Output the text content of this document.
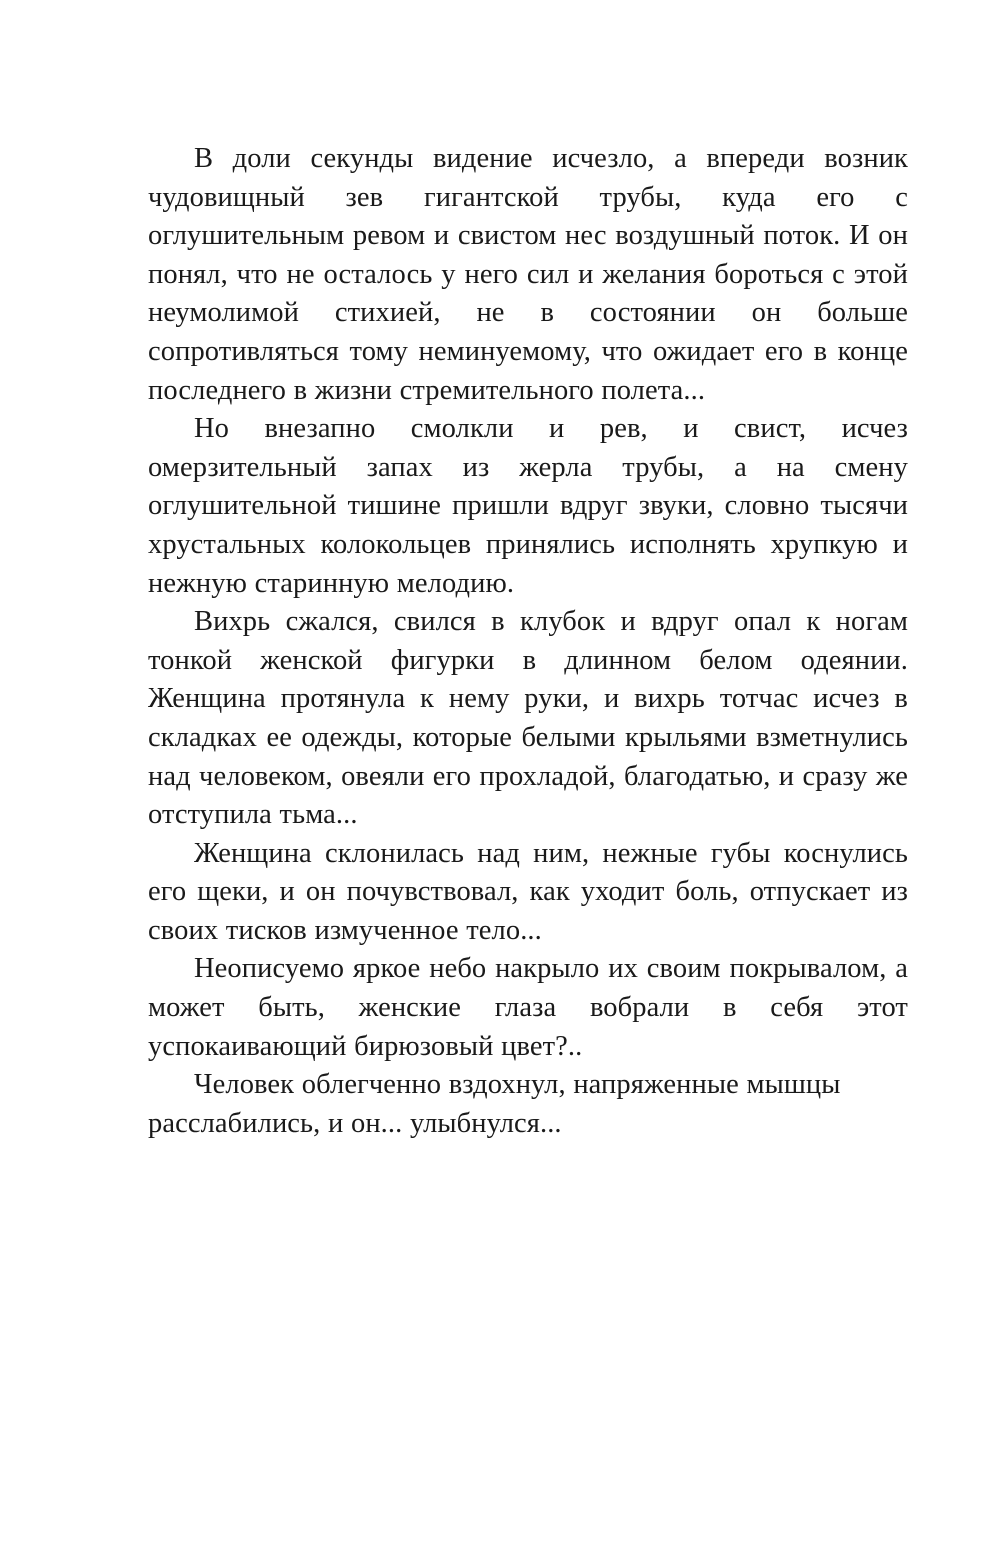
В доли секунды видение исчезло, а впереди возник чудовищный зев гигантской трубы, куда его с оглушительным ревом и свистом нес воздушный поток. И он понял, что не осталось у него сил и желания бороться с этой неумолимой стихией, не в состоянии он больше сопротивляться тому неминуемому, что ожидает его в конце последнего в жизни стремительного полета...

Но внезапно смолкли и рев, и свист, исчез омерзительный запах из жерла трубы, а на смену оглушительной тишине пришли вдруг звуки, словно тысячи хрустальных колокольцев принялись исполнять хрупкую и нежную старинную мелодию.

Вихрь сжался, свился в клубок и вдруг опал к ногам тонкой женской фигурки в длинном белом одеянии. Женщина протянула к нему руки, и вихрь тотчас исчез в складках ее одежды, которые белыми крыльями взметнулись над человеком, овеяли его прохладой, благодатью, и сразу же отступила тьма...

Женщина склонилась над ним, нежные губы коснулись его щеки, и он почувствовал, как уходит боль, отпускает из своих тисков измученное тело...

Неописуемо яркое небо накрыло их своим покрывалом, а может быть, женские глаза вобрали в себя этот успокаивающий бирюзовый цвет?..

Человек облегченно вздохнул, напряженные мышцы расслабились, и он... улыбнулся...
